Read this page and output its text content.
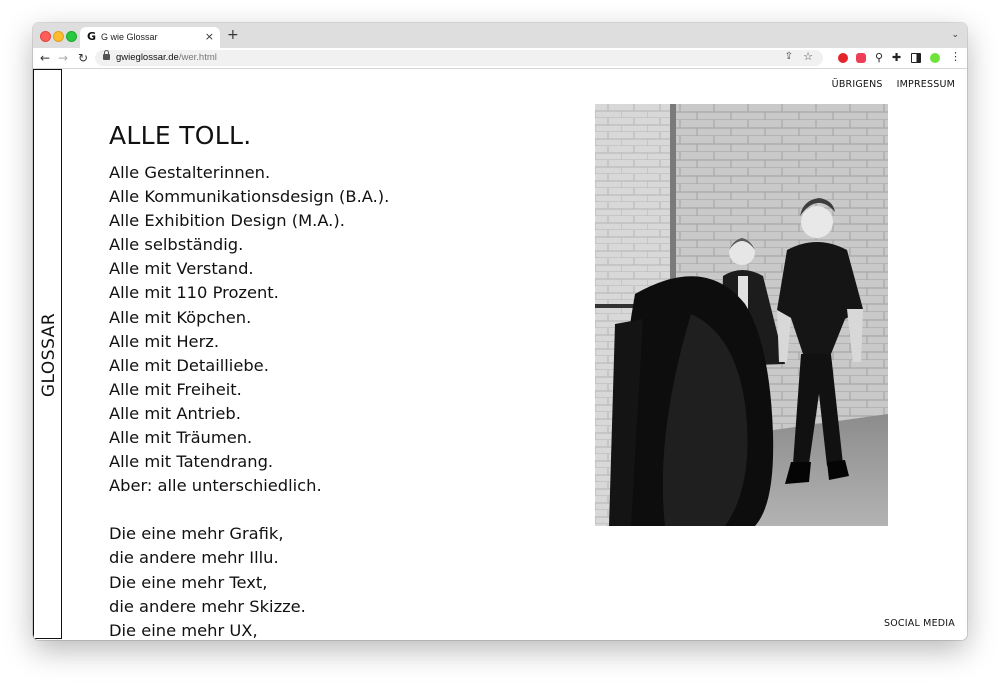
G G wie Glossar	× +	⌄
← → ↻	gwieglossar.de/wer.html	⇪ ☆	⚲ ✚	⋮
GLOSSAR
ÜBRIGENS IMPRESSUM
ALLE TOLL.
Alle Gestalterinnen.
Alle Kommunikationsdesign (B.A.).
Alle Exhibition Design (M.A.).
Alle selbständig.
Alle mit Verstand.
Alle mit 110 Prozent.
Alle mit Köpchen.
Alle mit Herz.
Alle mit Detailliebe.
Alle mit Freiheit.
Alle mit Antrieb.
Alle mit Träumen.
Alle mit Tatendrang.
Aber: alle unterschiedlich.
Die eine mehr Grafik,
die andere mehr Illu.
Die eine mehr Text,
die andere mehr Skizze.
Die eine mehr UX,	SOCIAL MEDIA
